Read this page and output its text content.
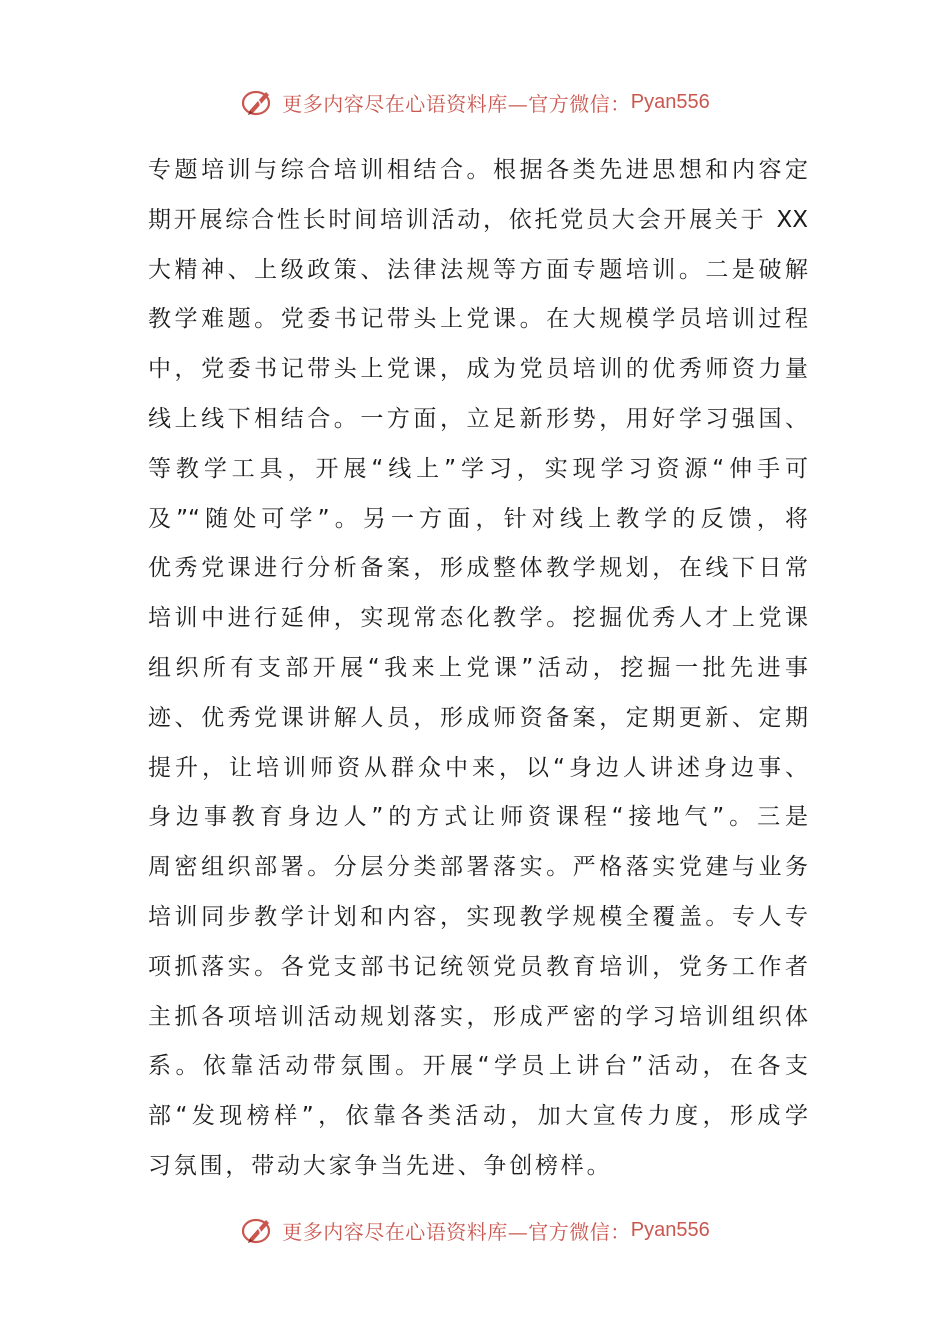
更多内容尽在心语资料库—官方微信： Pyan556
专题培训与综合培训相结合。根据各类先进思想和内容定
期开展综合性长时间培训活动，依托党员大会开展关于 XX
大精神、上级政策、法律法规等方面专题培训。二是破解
教学难题。党委书记带头上党课。在大规模学员培训过程
中，党委书记带头上党课，成为党员培训的优秀师资力量
线上线下相结合。一方面，立足新形势，用好学习强国、
等教学工具，开展“线上”学习，实现学习资源“伸手可
及”“随处可学”。另一方面，针对线上教学的反馈，将
优秀党课进行分析备案，形成整体教学规划，在线下日常
培训中进行延伸，实现常态化教学。挖掘优秀人才上党课
组织所有支部开展“我来上党课”活动，挖掘一批先进事
迹、优秀党课讲解人员，形成师资备案，定期更新、定期
提升，让培训师资从群众中来，以“身边人讲述身边事、
身边事教育身边人”的方式让师资课程“接地气”。三是
周密组织部署。分层分类部署落实。严格落实党建与业务
培训同步教学计划和内容，实现教学规模全覆盖。专人专
项抓落实。各党支部书记统领党员教育培训，党务工作者
主抓各项培训活动规划落实，形成严密的学习培训组织体
系。依靠活动带氛围。开展“学员上讲台”活动，在各支
部“发现榜样”，依靠各类活动，加大宣传力度，形成学
习氛围，带动大家争当先进、争创榜样。
更多内容尽在心语资料库—官方微信： Pyan556
